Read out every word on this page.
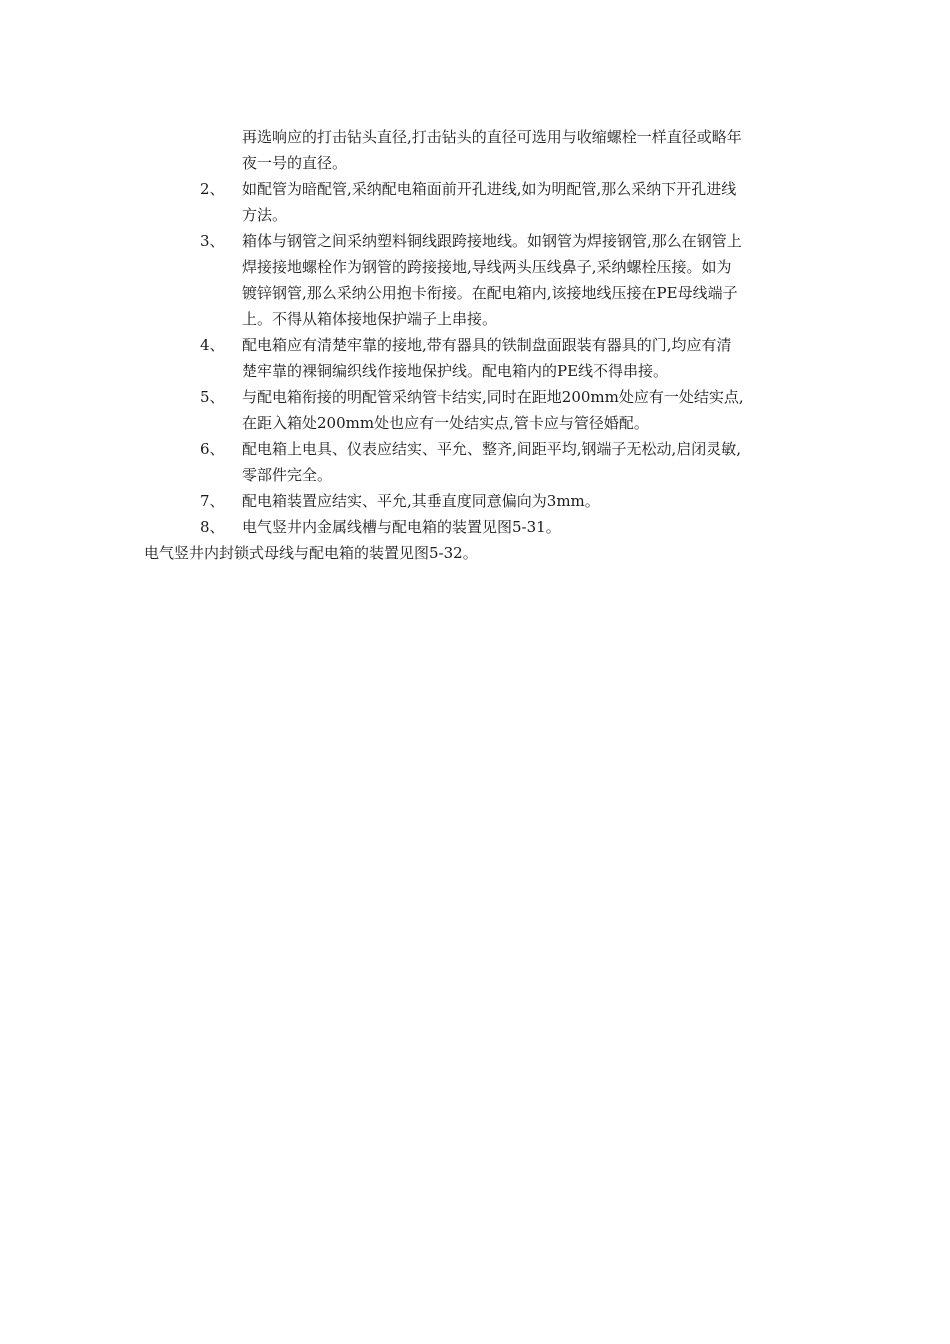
再选响应的打击钻头直径,打击钻头的直径可选用与收缩螺栓一样直径或略年
夜一号的直径。
2、 如配管为暗配管,采纳配电箱面前开孔进线,如为明配管,那么采纳下开孔进线
方法。
3、 箱体与钢管之间采纳塑料铜线跟跨接地线。如钢管为焊接钢管,那么在钢管上
焊接接地螺栓作为钢管的跨接接地,导线两头压线鼻子,采纳螺栓压接。如为
镀锌钢管,那么采纳公用抱卡衔接。在配电箱内,该接地线压接在PE母线端子
上。不得从箱体接地保护端子上串接。
4、 配电箱应有清楚牢靠的接地,带有器具的铁制盘面跟装有器具的门,均应有清
楚牢靠的裸铜编织线作接地保护线。配电箱内的PE线不得串接。
5、 与配电箱衔接的明配管采纳管卡结实,同时在距地200mm处应有一处结实点,
在距入箱处200mm处也应有一处结实点,管卡应与管径婚配。
6、 配电箱上电具、仪表应结实、平允、整齐,间距平均,钢端子无松动,启闭灵敏,
零部件完全。
7、 配电箱装置应结实、平允,其垂直度同意偏向为3mm。
8、 电气竖井内金属线槽与配电箱的装置见图5-31。
电气竖井内封锁式母线与配电箱的装置见图5-32。
